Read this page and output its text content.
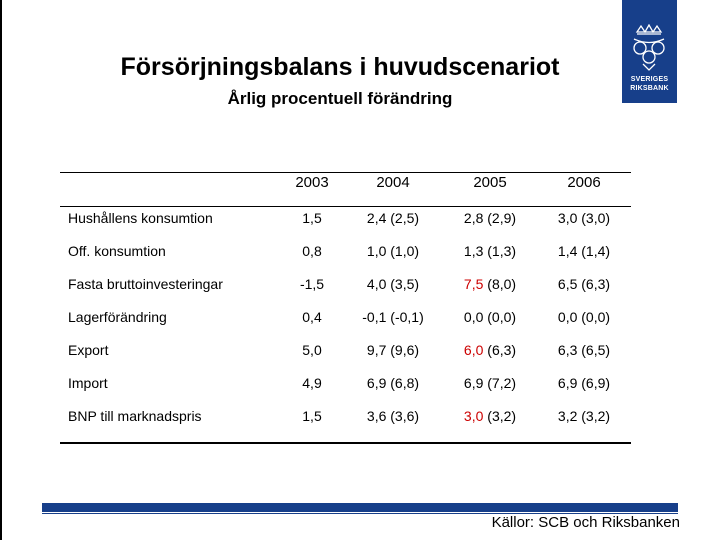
Försörjningsbalans i huvudscenariot
Årlig procentuell förändring
SVERIGES
RIKSBANK
2003	2004	2005	2006
Hushållens konsumtion	1,5	2,4 (2,5)	2,8 (2,9)	3,0 (3,0)
Off. konsumtion	0,8	1,0 (1,0)	1,3 (1,3)	1,4 (1,4)
Fasta bruttoinvesteringar	-1,5	4,0 (3,5)	7,5 (8,0)	6,5 (6,3)
Lagerförändring	0,4	-0,1 (-0,1)	0,0 (0,0)	0,0 (0,0)
Export	5,0	9,7 (9,6)	6,0 (6,3)	6,3 (6,5)
Import	4,9	6,9 (6,8)	6,9 (7,2)	6,9 (6,9)
BNP till marknadspris	1,5	3,6 (3,6)	3,0 (3,2)	3,2 (3,2)
Källor: SCB och Riksbanken
